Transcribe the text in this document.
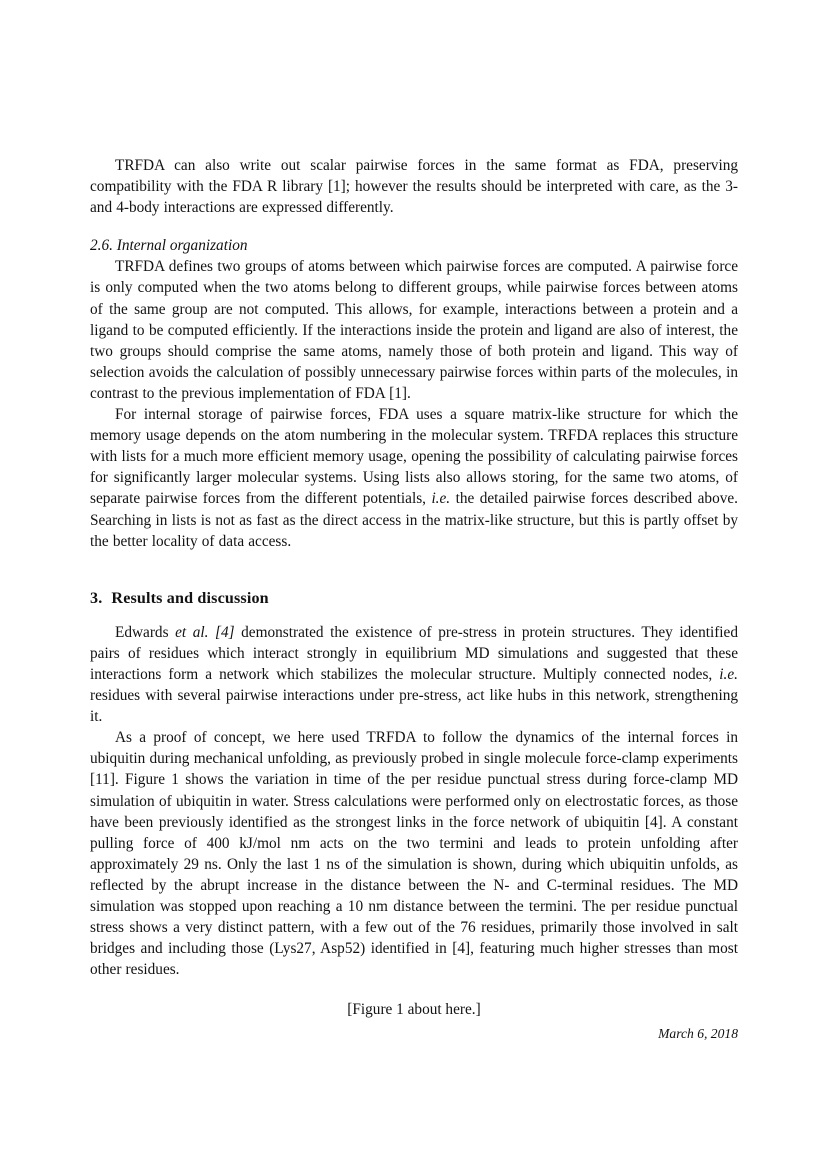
TRFDA can also write out scalar pairwise forces in the same format as FDA, preserving compatibility with the FDA R library [1]; however the results should be interpreted with care, as the 3- and 4-body interactions are expressed differently.

2.6. Internal organization

TRFDA defines two groups of atoms between which pairwise forces are computed. A pairwise force is only computed when the two atoms belong to different groups, while pairwise forces between atoms of the same group are not computed. This allows, for example, interactions between a protein and a ligand to be computed efficiently. If the interactions inside the protein and ligand are also of interest, the two groups should comprise the same atoms, namely those of both protein and ligand. This way of selection avoids the calculation of possibly unnecessary pairwise forces within parts of the molecules, in contrast to the previous implementation of FDA [1].

For internal storage of pairwise forces, FDA uses a square matrix-like structure for which the memory usage depends on the atom numbering in the molecular system. TRFDA replaces this structure with lists for a much more efficient memory usage, opening the possibility of calculating pairwise forces for significantly larger molecular systems. Using lists also allows storing, for the same two atoms, of separate pairwise forces from the different potentials, i.e. the detailed pairwise forces described above. Searching in lists is not as fast as the direct access in the matrix-like structure, but this is partly offset by the better locality of data access.

3. Results and discussion

Edwards et al. [4] demonstrated the existence of pre-stress in protein structures. They identified pairs of residues which interact strongly in equilibrium MD simulations and suggested that these interactions form a network which stabilizes the molecular structure. Multiply connected nodes, i.e. residues with several pairwise interactions under pre-stress, act like hubs in this network, strengthening it.

As a proof of concept, we here used TRFDA to follow the dynamics of the internal forces in ubiquitin during mechanical unfolding, as previously probed in single molecule force-clamp experiments [11]. Figure 1 shows the variation in time of the per residue punctual stress during force-clamp MD simulation of ubiquitin in water. Stress calculations were performed only on electrostatic forces, as those have been previously identified as the strongest links in the force network of ubiquitin [4]. A constant pulling force of 400 kJ/mol nm acts on the two termini and leads to protein unfolding after approximately 29 ns. Only the last 1 ns of the simulation is shown, during which ubiquitin unfolds, as reflected by the abrupt increase in the distance between the N- and C-terminal residues. The MD simulation was stopped upon reaching a 10 nm distance between the termini. The per residue punctual stress shows a very distinct pattern, with a few out of the 76 residues, primarily those involved in salt bridges and including those (Lys27, Asp52) identified in [4], featuring much higher stresses than most other residues.

[Figure 1 about here.]

March 6, 2018
